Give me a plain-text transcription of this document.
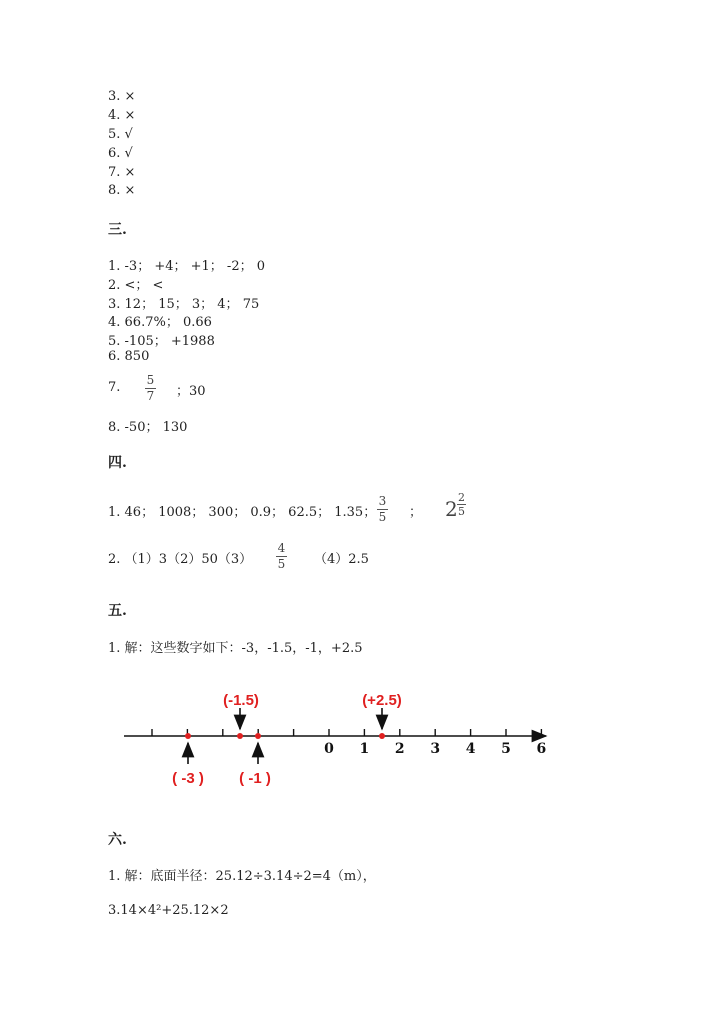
3. ×
4. ×
5. √
6. √
7. ×
8. ×
三.
1. -3； +4； +1； -2； 0
2. <； <
3. 12； 15； 3； 4； 75
4. 66.7%； 0.66
5. -105； +1988
6. 850
7. 5
7 ；30
8. -50； 130
四.
1. 46； 1008； 300； 0.9； 62.5； 1.35；
3
5 ； 2 2
5
2. （1）3（2）50（3）
4
5 （4）2.5
五.
1. 解：这些数字如下：-3，-1.5，-1，+2.5
0 1 2 3 4 5 6
(-1.5)	(+2.5)
( -3 ) ( -1 )
六.
1. 解：底面半径：25.12÷3.14÷2=4（m），
3.14×4²+25.12×2
